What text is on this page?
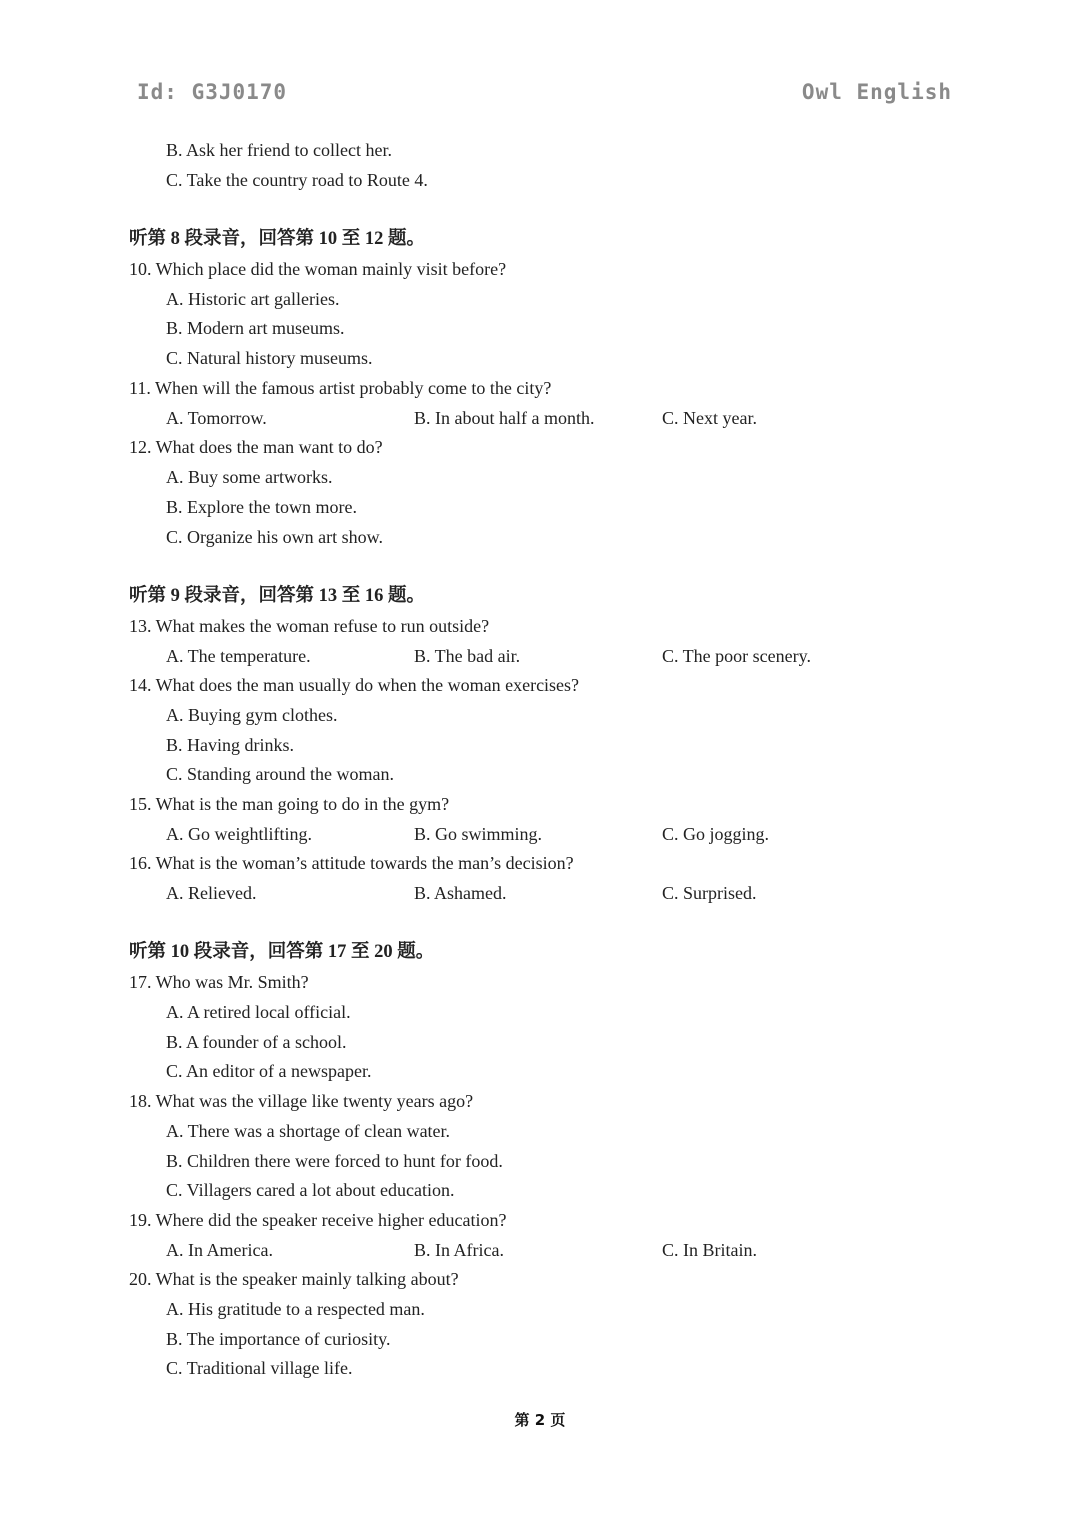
Id: G3J0170	Owl English
B. Ask her friend to collect her.
C. Take the country road to Route 4.
听第 8 段录音，回答第 10 至 12 题。
10. Which place did the woman mainly visit before?
A. Historic art galleries.
B. Modern art museums.
C. Natural history museums.
11. When will the famous artist probably come to the city?
A. Tomorrow.	B. In about half a month.	C. Next year.
12. What does the man want to do?
A. Buy some artworks.
B. Explore the town more.
C. Organize his own art show.
听第 9 段录音，回答第 13 至 16 题。
13. What makes the woman refuse to run outside?
A. The temperature.	B. The bad air.	C. The poor scenery.
14. What does the man usually do when the woman exercises?
A. Buying gym clothes.
B. Having drinks.
C. Standing around the woman.
15. What is the man going to do in the gym?
A. Go weightlifting.	B. Go swimming.	C. Go jogging.
16. What is the woman’s attitude towards the man’s decision?
A. Relieved.	B. Ashamed.	C. Surprised.
听第 10 段录音，回答第 17 至 20 题。
17. Who was Mr. Smith?
A. A retired local official.
B. A founder of a school.
C. An editor of a newspaper.
18. What was the village like twenty years ago?
A. There was a shortage of clean water.
B. Children there were forced to hunt for food.
C. Villagers cared a lot about education.
19. Where did the speaker receive higher education?
A. In America.	B. In Africa.	C. In Britain.
20. What is the speaker mainly talking about?
A. His gratitude to a respected man.
B. The importance of curiosity.
C. Traditional village life.
第 2 页
